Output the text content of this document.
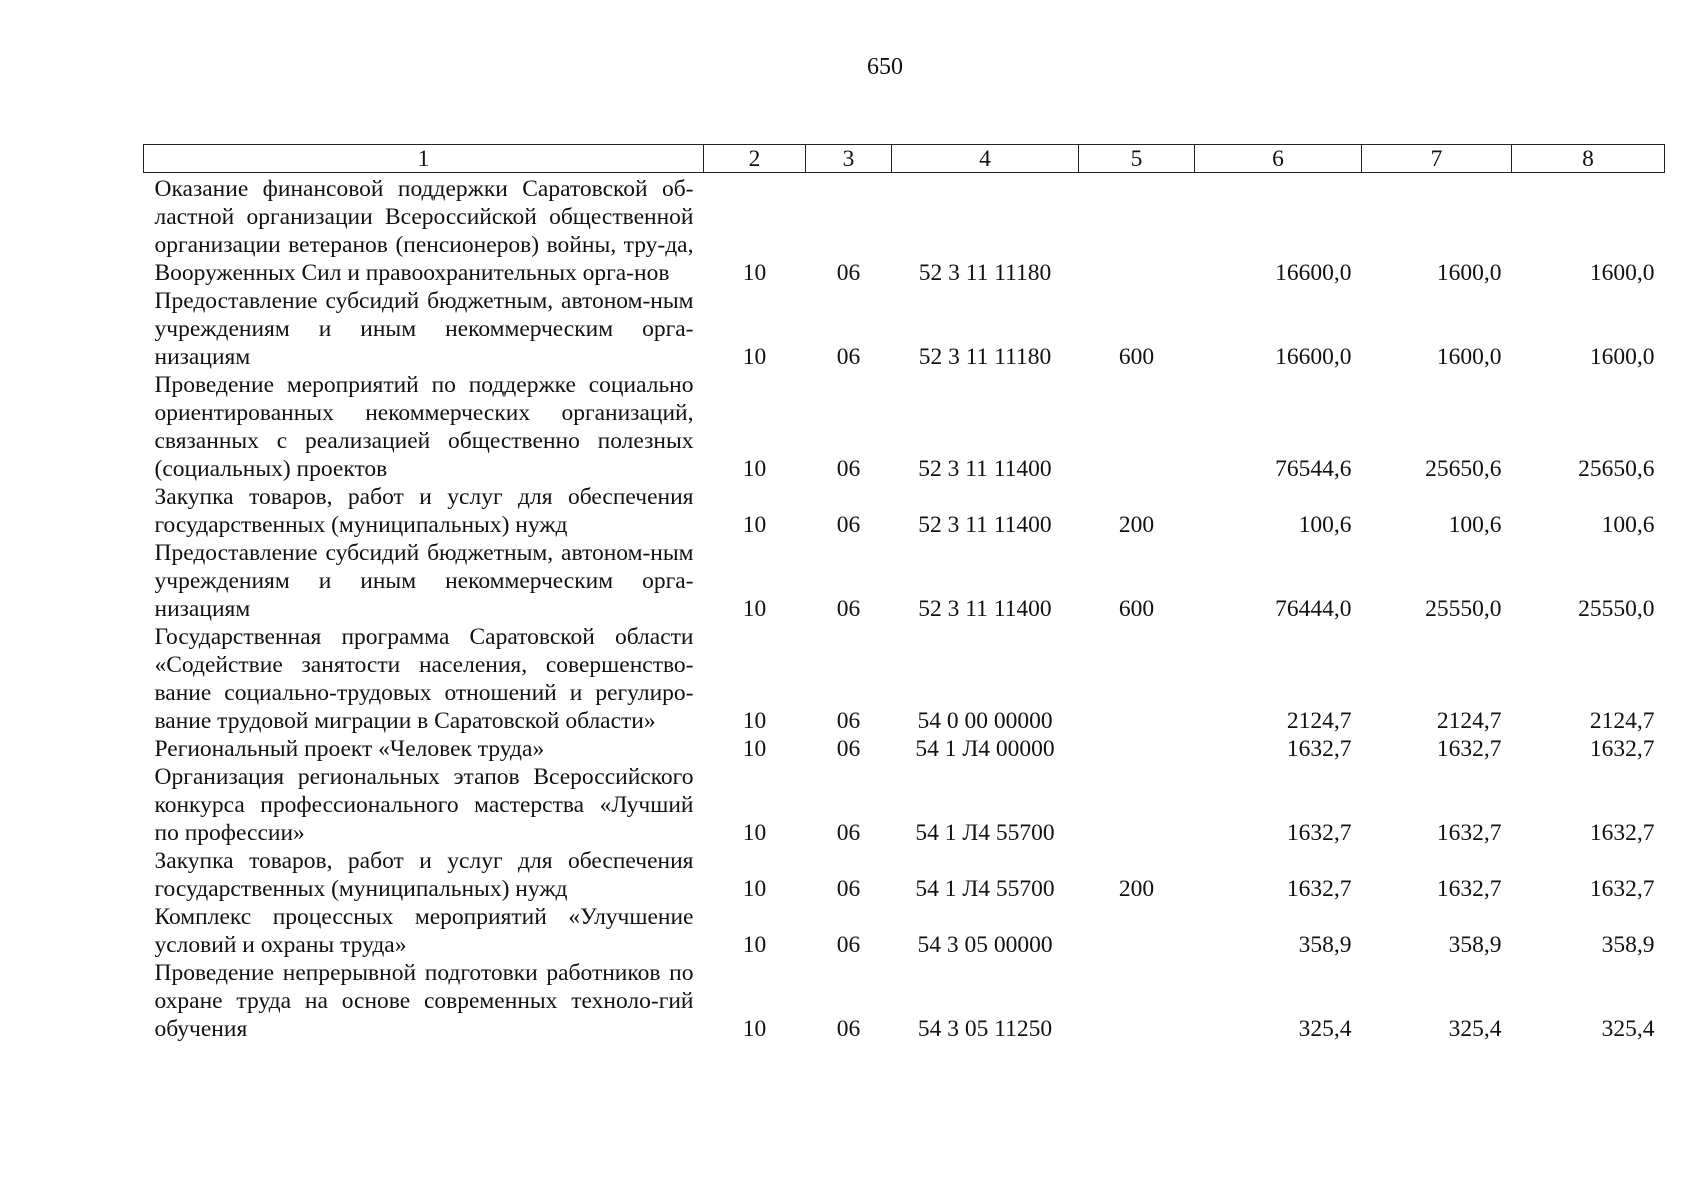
650
1	2	3	4	5	6	7	8
Оказание финансовой поддержки Саратовской об-ластной организации Всероссийской общественной организации ветеранов (пенсионеров) войны, тру-да, Вооруженных Сил и правоохранительных орга-нов	10	06	52 3 11 11180		16600,0	1600,0	1600,0
Предоставление субсидий бюджетным, автоном-ным учреждениям и иным некоммерческим орга-низациям	10	06	52 3 11 11180	600	16600,0	1600,0	1600,0
Проведение мероприятий по поддержке социально ориентированных некоммерческих организаций, связанных с реализацией общественно полезных (социальных) проектов	10	06	52 3 11 11400		76544,6	25650,6	25650,6
Закупка товаров, работ и услуг для обеспечения государственных (муниципальных) нужд	10	06	52 3 11 11400	200	100,6	100,6	100,6
Предоставление субсидий бюджетным, автоном-ным учреждениям и иным некоммерческим орга-низациям	10	06	52 3 11 11400	600	76444,0	25550,0	25550,0
Государственная программа Саратовской области «Содействие занятости населения, совершенство-вание социально-трудовых отношений и регулиро-вание трудовой миграции в Саратовской области»	10	06	54 0 00 00000		2124,7	2124,7	2124,7
Региональный проект «Человек труда»	10	06	54 1 Л4 00000		1632,7	1632,7	1632,7
Организация региональных этапов Всероссийского конкурса профессионального мастерства «Лучший по профессии»	10	06	54 1 Л4 55700		1632,7	1632,7	1632,7
Закупка товаров, работ и услуг для обеспечения государственных (муниципальных) нужд	10	06	54 1 Л4 55700	200	1632,7	1632,7	1632,7
Комплекс процессных мероприятий «Улучшение условий и охраны труда»	10	06	54 3 05 00000		358,9	358,9	358,9
Проведение непрерывной подготовки работников по охране труда на основе современных техноло-гий обучения	10	06	54 3 05 11250		325,4	325,4	325,4
